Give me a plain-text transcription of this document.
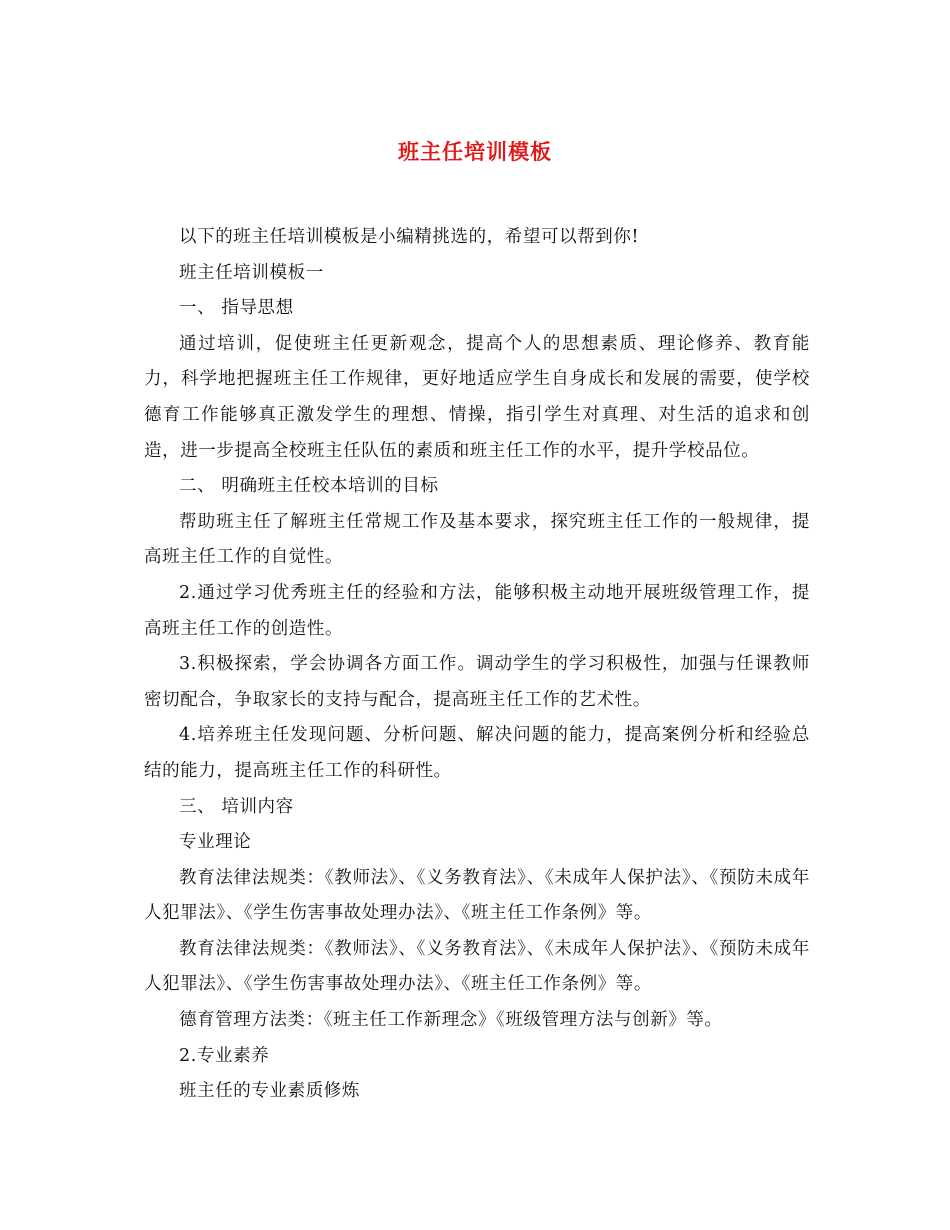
班主任培训模板

以下的班主任培训模板是小编精挑选的，希望可以帮到你!

班主任培训模板一

一、 指导思想

通过培训，促使班主任更新观念，提高个人的思想素质、理论修养、教育能力，科学地把握班主任工作规律，更好地适应学生自身成长和发展的需要，使学校德育工作能够真正激发学生的理想、情操，指引学生对真理、对生活的追求和创造，进一步提高全校班主任队伍的素质和班主任工作的水平，提升学校品位。

二、 明确班主任校本培训的目标

帮助班主任了解班主任常规工作及基本要求，探究班主任工作的一般规律，提高班主任工作的自觉性。

2.通过学习优秀班主任的经验和方法，能够积极主动地开展班级管理工作，提高班主任工作的创造性。

3.积极探索，学会协调各方面工作。调动学生的学习积极性，加强与任课教师密切配合，争取家长的支持与配合，提高班主任工作的艺术性。

4.培养班主任发现问题、分析问题、解决问题的能力，提高案例分析和经验总结的能力，提高班主任工作的科研性。

三、 培训内容

专业理论

教育法律法规类：《教师法》、《义务教育法》、《未成年人保护法》、《预防未成年人犯罪法》、《学生伤害事故处理办法》、《班主任工作条例》等。

教育法律法规类：《教师法》、《义务教育法》、《未成年人保护法》、《预防未成年人犯罪法》、《学生伤害事故处理办法》、《班主任工作条例》等。

德育管理方法类：《班主任工作新理念》《班级管理方法与创新》等。

2.专业素养

班主任的专业素质修炼
